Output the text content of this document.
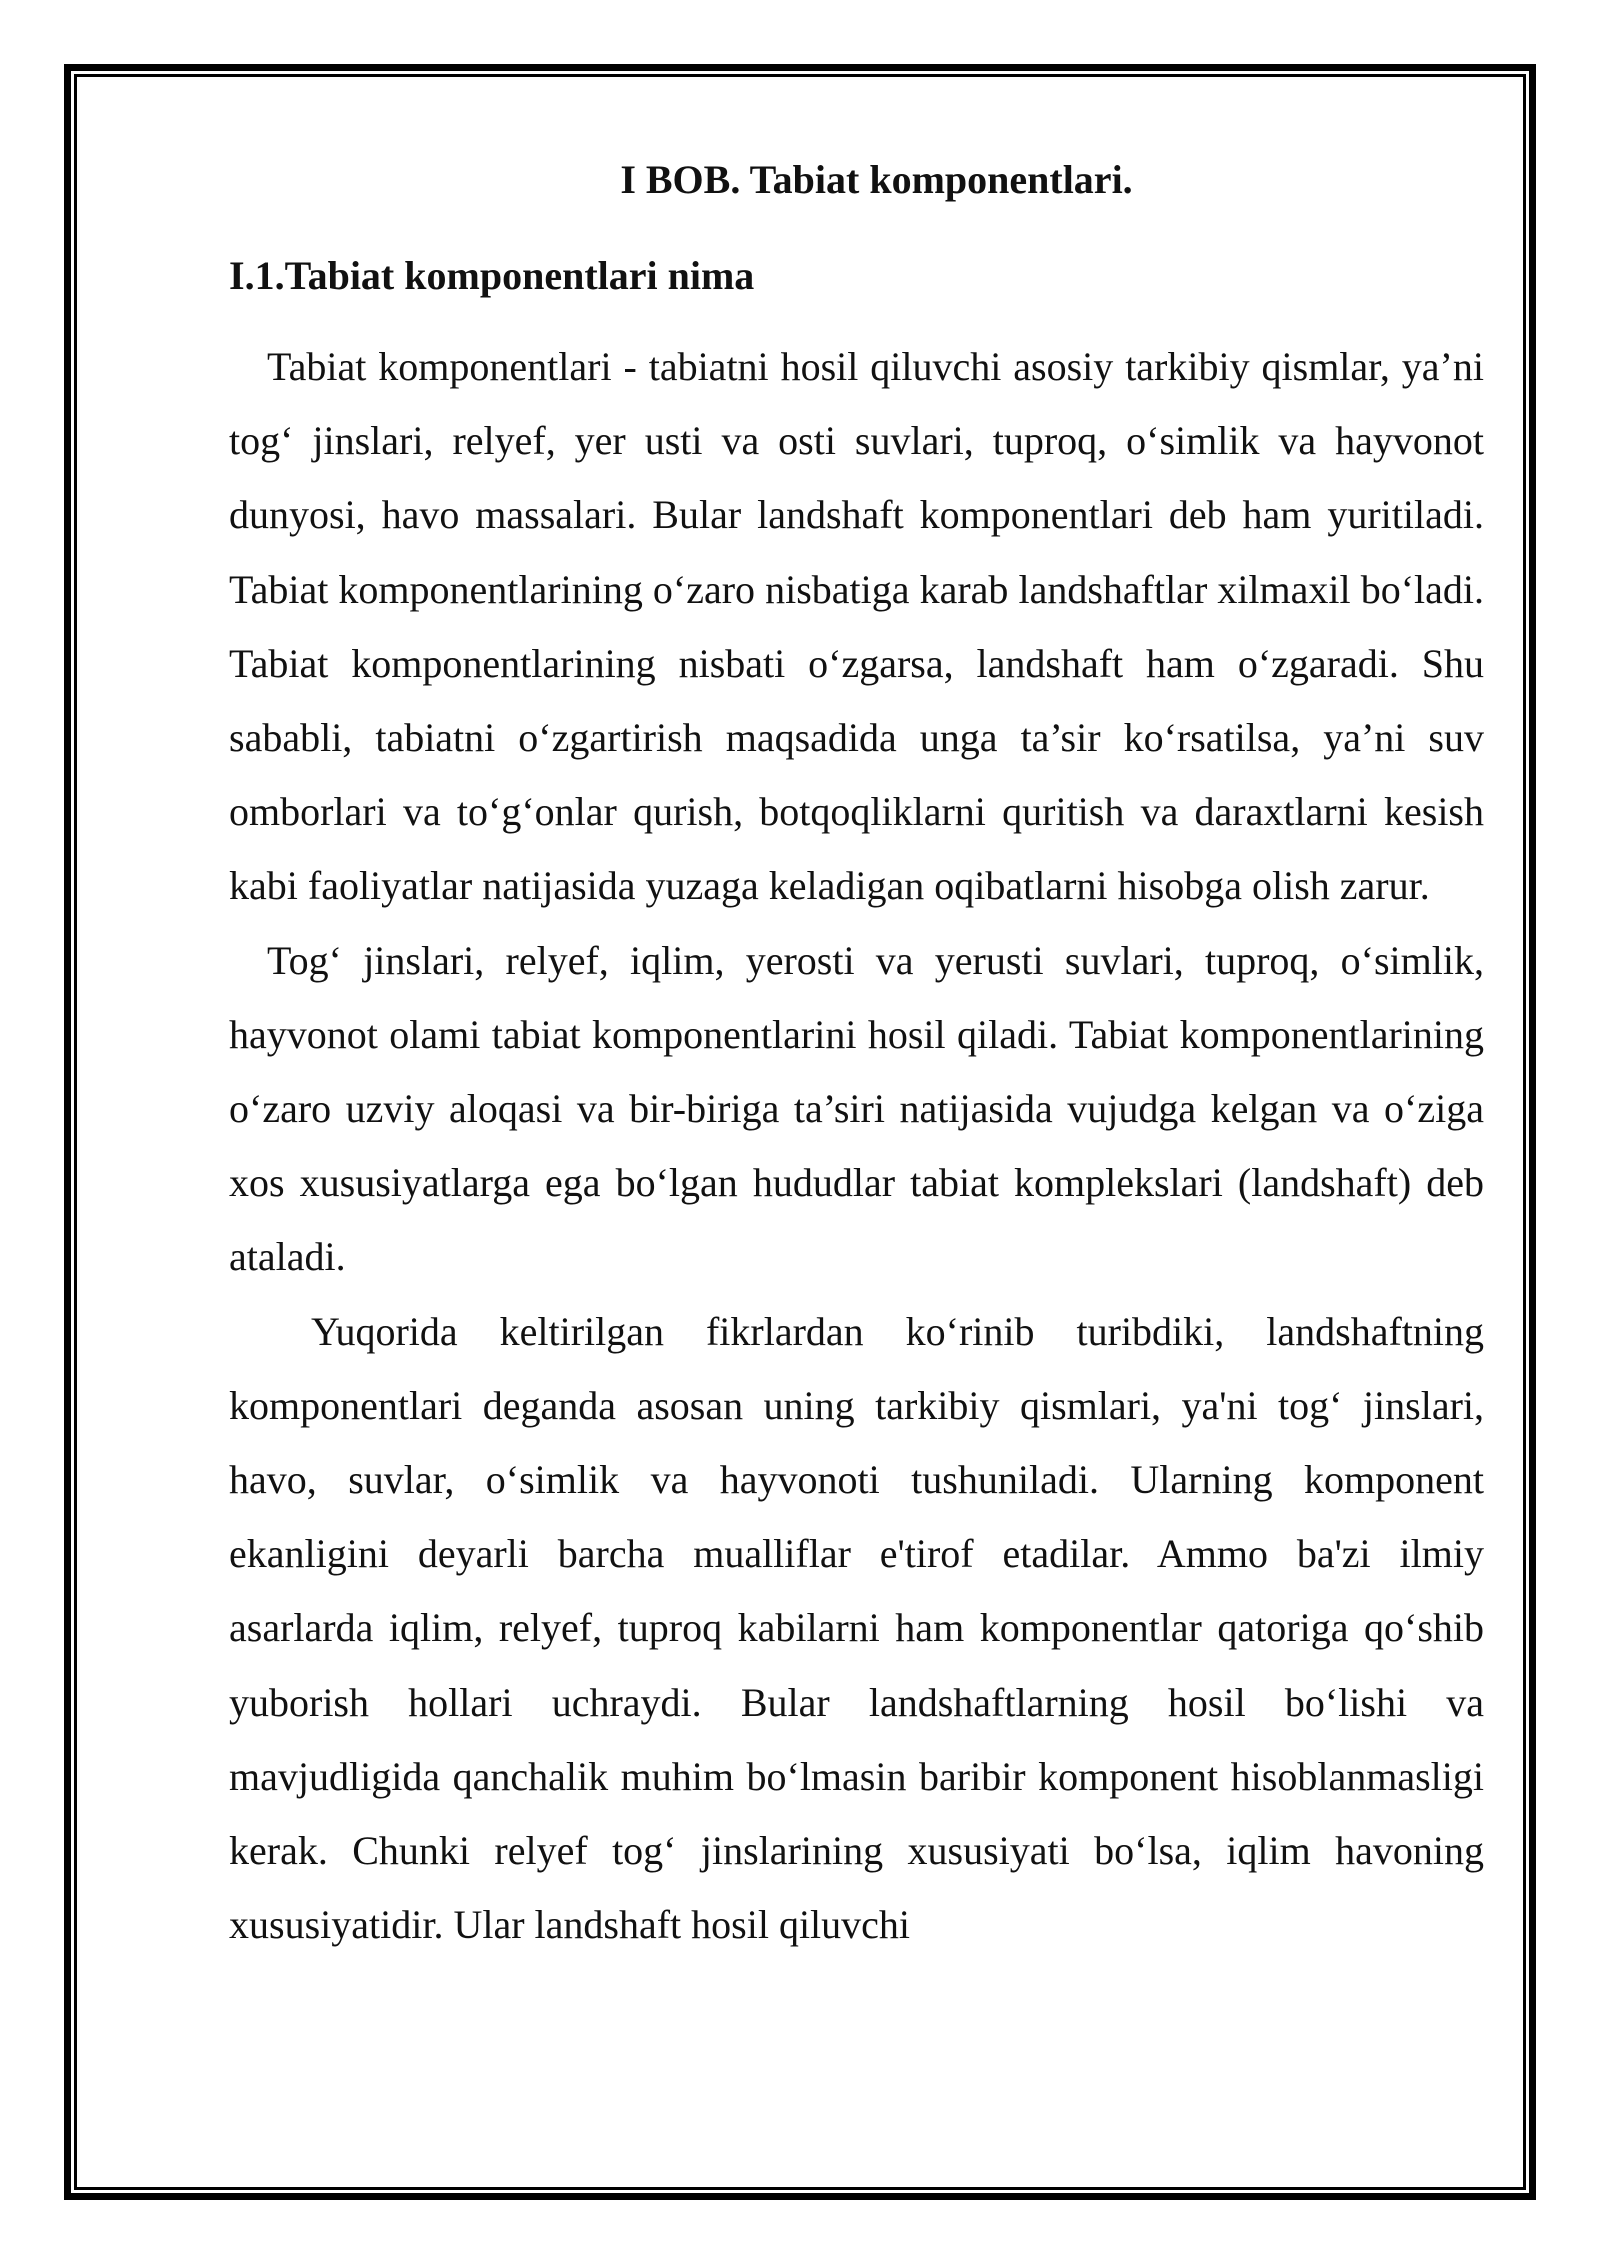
I BOB. Tabiat komponentlari.
I.1.Tabiat komponentlari nima

Tabiat komponentlari - tabiatni hosil qiluvchi asosiy tarkibiy qismlar, ya’ni tog‘ jinslari, relyef, yer usti va osti suvlari, tuproq, o‘simlik va hayvonot dunyosi, havo massalari. Bular landshaft komponentlari deb ham yuritiladi. Tabiat komponentlarining o‘zaro nisbatiga karab landshaftlar xilmaxil bo‘ladi. Tabiat komponentlarining nisbati o‘zgarsa, landshaft ham o‘zgaradi. Shu sababli, tabiatni o‘zgartirish maqsadida unga ta’sir ko‘rsatilsa, ya’ni suv omborlari va to‘g‘onlar qurish, botqoqliklarni quritish va daraxtlarni kesish kabi faoliyatlar natijasida yuzaga keladigan oqibatlarni hisobga olish zarur.

Tog‘ jinslari, relyef, iqlim, yerosti va yerusti suvlari, tuproq, o‘simlik, hayvonot olami tabiat komponentlarini hosil qiladi. Tabiat komponentlarining o‘zaro uzviy aloqasi va bir-biriga ta’siri natijasida vujudga kelgan va o‘ziga xos xususiyatlarga ega bo‘lgan hududlar tabiat komplekslari (landshaft) deb ataladi.

Yuqorida keltirilgan fikrlardan ko‘rinib turibdiki, landshaftning komponentlari deganda asosan uning tarkibiy qismlari, ya'ni tog‘ jinslari, havo, suvlar, o‘simlik va hayvonoti tushuniladi. Ularning komponent ekanligini deyarli barcha mualliflar e'tirof etadilar. Ammo ba'zi ilmiy asarlarda iqlim, relyef, tuproq kabilarni ham komponentlar qatoriga qo‘shib yuborish hollari uchraydi. Bular landshaftlarning hosil bo‘lishi va mavjudligida qanchalik muhim bo‘lmasin baribir komponent hisoblanmasligi kerak. Chunki relyef tog‘ jinslarining xususiyati bo‘lsa, iqlim havoning xususiyatidir. Ular landshaft hosil qiluvchi
